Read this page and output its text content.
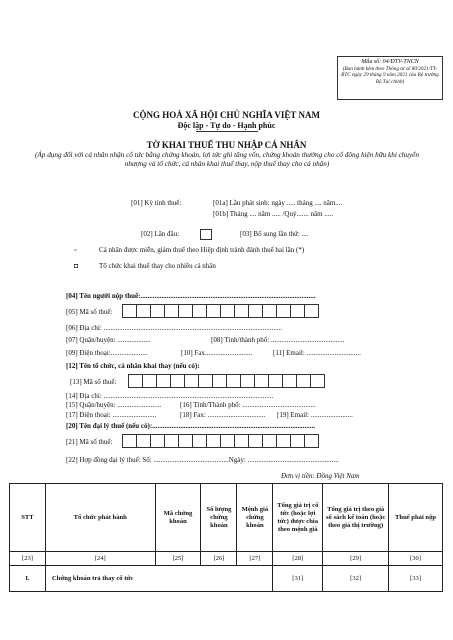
Mẫu số: 04/ĐTV-TNCN
(Ban hành kèm theo Thông tư số 80/2021/TT-BTC ngày 29 tháng 9 năm 2021 của Bộ trưởng Bộ Tài chính)
CỘNG HOÀ XÃ HỘI CHỦ NGHĨA VIỆT NAM
Độc lập - Tự do - Hạnh phúc
TỜ KHAI THUẾ THU NHẬP CÁ NHÂN
(Áp dụng đối với cá nhân nhận cổ tức bằng chứng khoán, lợi tức ghi tăng vốn, chứng khoán thưởng cho cổ đông hiện hữu khi chuyển nhượng và tổ chức, cá nhân khai thuế thay, nộp thuế thay cho cá nhân)
[01] Kỳ tính thuế:	[01a] Lần phát sinh: ngày ..... tháng .... năm....
[01b] Tháng .... năm ..... /Quý....... năm .....
[02] Lần đầu:	[03] Bổ sung lần thứ: ....
▫	Cá nhân được miễn, giảm thuế theo Hiệp định tránh đánh thuế hai lần (*)
◘	Tổ chức khai thuế thay cho nhiều cá nhân
[04] Tên người nộp thuế:....................................................................................................
[05] Mã số thuế:
[06] Địa chỉ: ......................................................................................................
[07] Quận/huyện: ...................	[08] Tỉnh/thành phố: ..........................................
[09] Điện thoại:.....................	[10] Fax...........................	[11] Email: ...............................
[12] Tên tổ chức, cá nhân khai thay (nếu có):
[13] Mã số thuế:
[14] Địa chỉ: .................................................................................................
[15] Quận/huyện: .........................	[16] Tỉnh/Thành phố: ..........................................
[17] Điện thoại: .........................	[18] Fax: ................................. [19] Email: ........................
[20] Tên đại lý thuế (nếu có):.............................................................................................
[21] Mã số thuế:
[22] Hợp đồng đại lý thuế: Số: ...........................................Ngày: ....................................................
Đơn vị tiền: Đồng Việt Nam
STT	Tổ chức phát hành	Mã chứng khoán	Số lượng chứng khoán	Mệnh giá chứng khoán	Tổng giá trị cổ tức (hoặc lợi tức) được chia theo mệnh giá	Tổng giá trị theo giá số sách kế toán (hoặc theo giá thị trường)	Thuế phải nộp
[23]	[24]	[25]	[26]	[27]	[28]	[29]	[30]
I.	Chứng khoán trả thay cổ tức				[31]	[32]	[33]
